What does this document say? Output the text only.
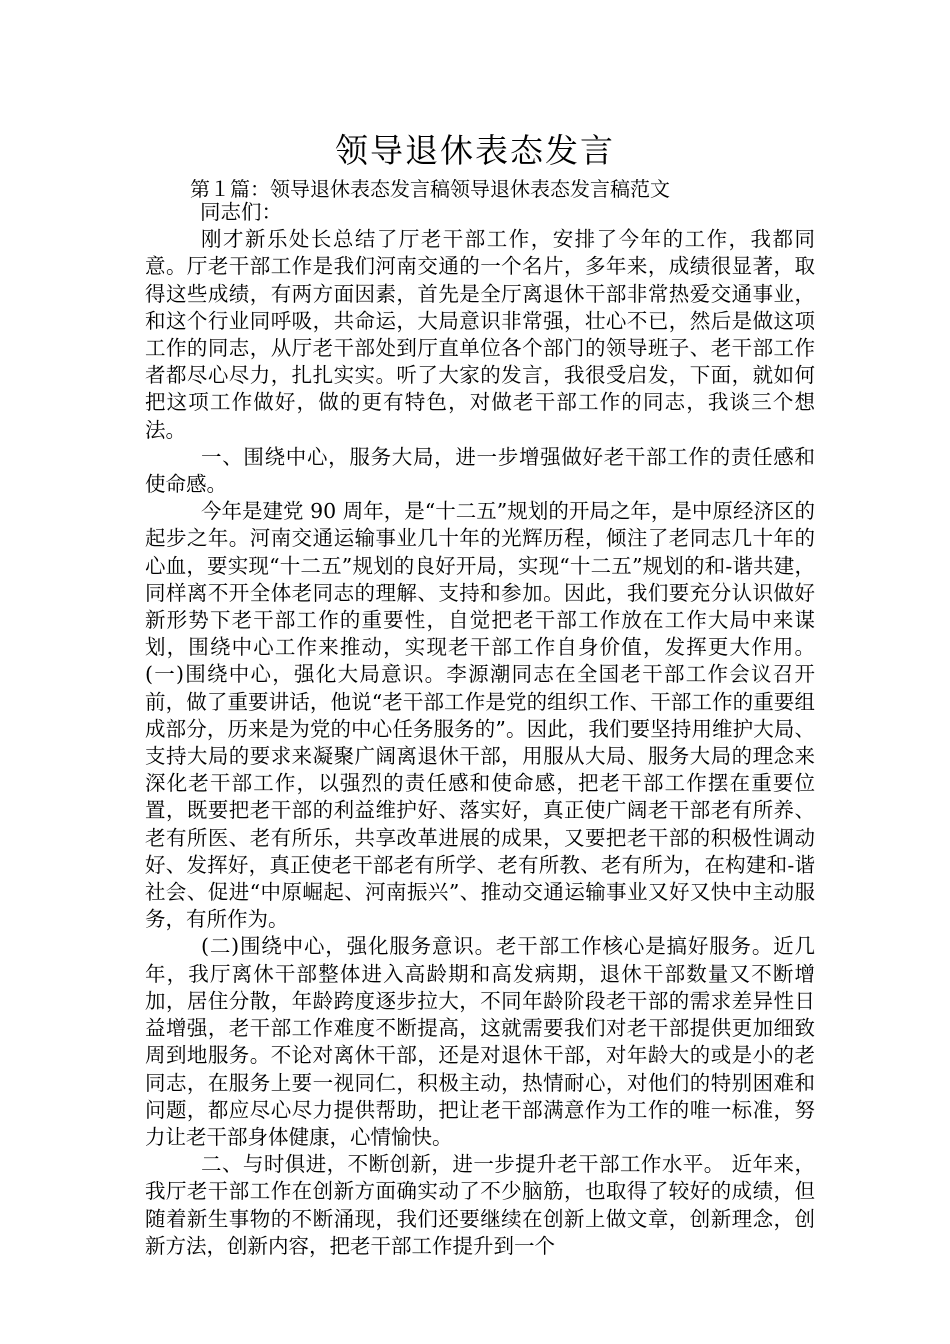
领导退休表态发言

第１篇：领导退休表态发言稿领导退休表态发言稿范文

同志们：

刚才新乐处长总结了厅老干部工作，安排了今年的工作，我都同意。厅老干部工作是我们河南交通的一个名片，多年来，成绩很显著，取得这些成绩，有两方面因素，首先是全厅离退休干部非常热爱交通事业，和这个行业同呼吸，共命运，大局意识非常强，壮心不已，然后是做这项工作的同志，从厅老干部处到厅直单位各个部门的领导班子、老干部工作者都尽心尽力，扎扎实实。听了大家的发言，我很受启发，下面，就如何把这项工作做好，做的更有特色，对做老干部工作的同志，我谈三个想法。

一、围绕中心，服务大局，进一步增强做好老干部工作的责任感和使命感。

今年是建党 90 周年，是“十二五”规划的开局之年，是中原经济区的起步之年。河南交通运输事业几十年的光辉历程，倾注了老同志几十年的心血，要实现“十二五”规划的良好开局，实现“十二五”规划的和-谐共建，同样离不开全体老同志的理解、支持和参加。因此，我们要充分认识做好新形势下老干部工作的重要性，自觉把老干部工作放在工作大局中来谋划，围绕中心工作来推动，实现老干部工作自身价值，发挥更大作用。 (一)围绕中心，强化大局意识。李源潮同志在全国老干部工作会议召开前，做了重要讲话，他说“老干部工作是党的组织工作、干部工作的重要组成部分，历来是为党的中心任务服务的”。因此，我们要坚持用维护大局、支持大局的要求来凝聚广阔离退休干部，用服从大局、服务大局的理念来深化老干部工作，以强烈的责任感和使命感，把老干部工作摆在重要位置，既要把老干部的利益维护好、落实好，真正使广阔老干部老有所养、老有所医、老有所乐，共享改革进展的成果，又要把老干部的积极性调动好、发挥好，真正使老干部老有所学、老有所教、老有所为，在构建和-谐社会、促进“中原崛起、河南振兴”、推动交通运输事业又好又快中主动服务，有所作为。

(二)围绕中心，强化服务意识。老干部工作核心是搞好服务。近几年，我厅离休干部整体进入高龄期和高发病期，退休干部数量又不断增加，居住分散，年龄跨度逐步拉大，不同年龄阶段老干部的需求差异性日益增强，老干部工作难度不断提高，这就需要我们对老干部提供更加细致周到地服务。不论对离休干部，还是对退休干部，对年龄大的或是小的老同志，在服务上要一视同仁，积极主动，热情耐心，对他们的特别困难和问题，都应尽心尽力提供帮助，把让老干部满意作为工作的唯一标准，努力让老干部身体健康，心情愉快。

二、与时俱进，不断创新，进一步提升老干部工作水平。 近年来，我厅老干部工作在创新方面确实动了不少脑筋，也取得了较好的成绩，但随着新生事物的不断涌现，我们还要继续在创新上做文章，创新理念，创新方法，创新内容，把老干部工作提升到一个
